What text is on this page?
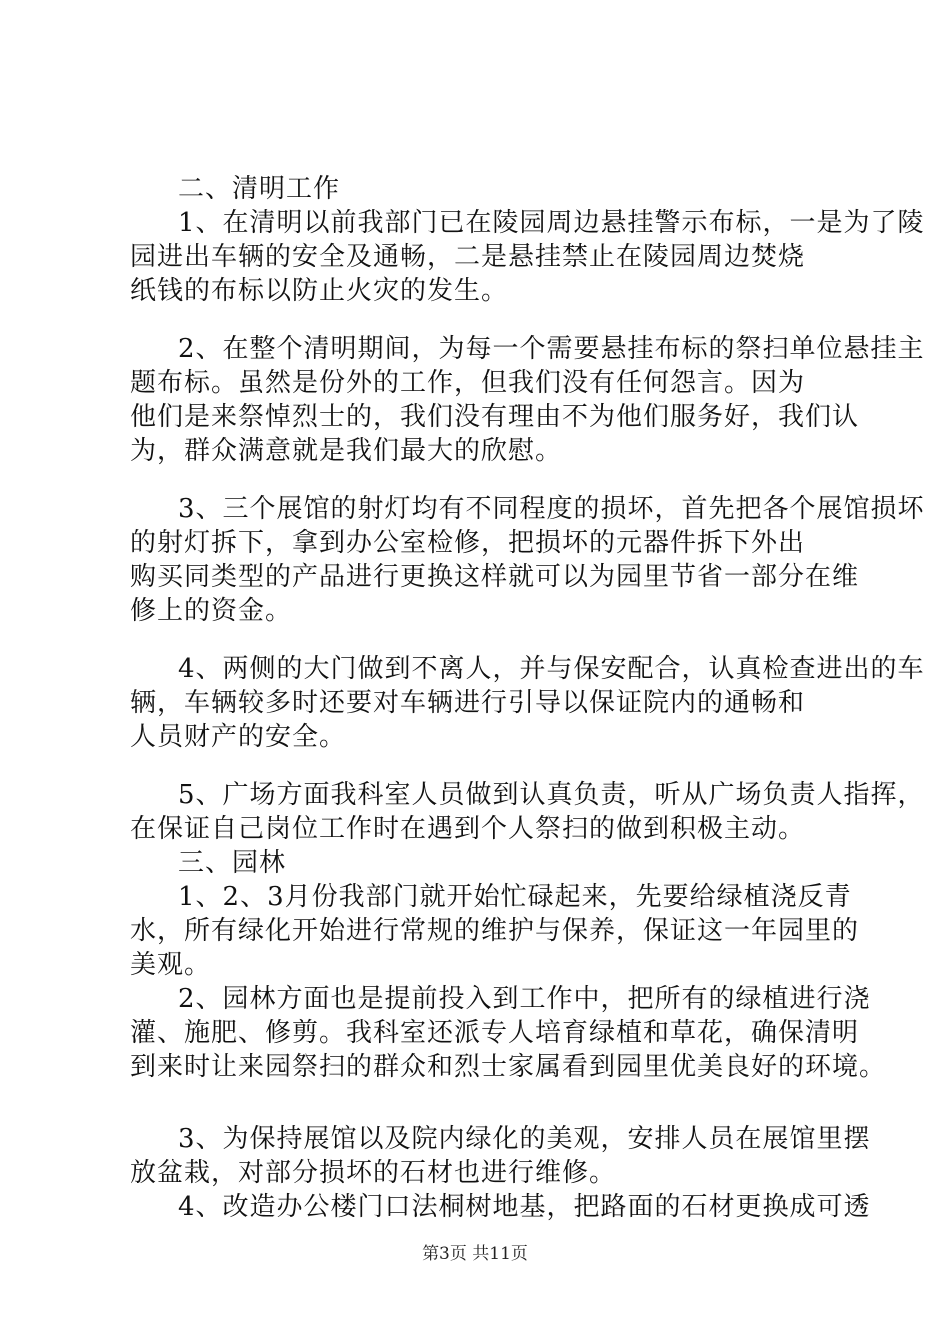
二、清明工作
1、在清明以前我部门已在陵园周边悬挂警示布标，一是为了陵
园进出车辆的安全及通畅，二是悬挂禁止在陵园周边焚烧
纸钱的布标以防止火灾的发生。
2、在整个清明期间，为每一个需要悬挂布标的祭扫单位悬挂主
题布标。虽然是份外的工作，但我们没有任何怨言。因为
他们是来祭悼烈士的，我们没有理由不为他们服务好，我们认
为，群众满意就是我们最大的欣慰。
3、三个展馆的射灯均有不同程度的损坏，首先把各个展馆损坏
的射灯拆下，拿到办公室检修，把损坏的元器件拆下外出
购买同类型的产品进行更换这样就可以为园里节省一部分在维
修上的资金。
4、两侧的大门做到不离人，并与保安配合，认真检查进出的车
辆，车辆较多时还要对车辆进行引导以保证院内的通畅和
人员财产的安全。
5、广场方面我科室人员做到认真负责，听从广场负责人指挥，
在保证自己岗位工作时在遇到个人祭扫的做到积极主动。
三、园林
1、2、3月份我部门就开始忙碌起来，先要给绿植浇反青
水，所有绿化开始进行常规的维护与保养，保证这一年园里的
美观。
2、园林方面也是提前投入到工作中，把所有的绿植进行浇
灌、施肥、修剪。我科室还派专人培育绿植和草花，确保清明
到来时让来园祭扫的群众和烈士家属看到园里优美良好的环境。
3、为保持展馆以及院内绿化的美观，安排人员在展馆里摆
放盆栽，对部分损坏的石材也进行维修。
4、改造办公楼门口法桐树地基，把路面的石材更换成可透
第3页 共11页
